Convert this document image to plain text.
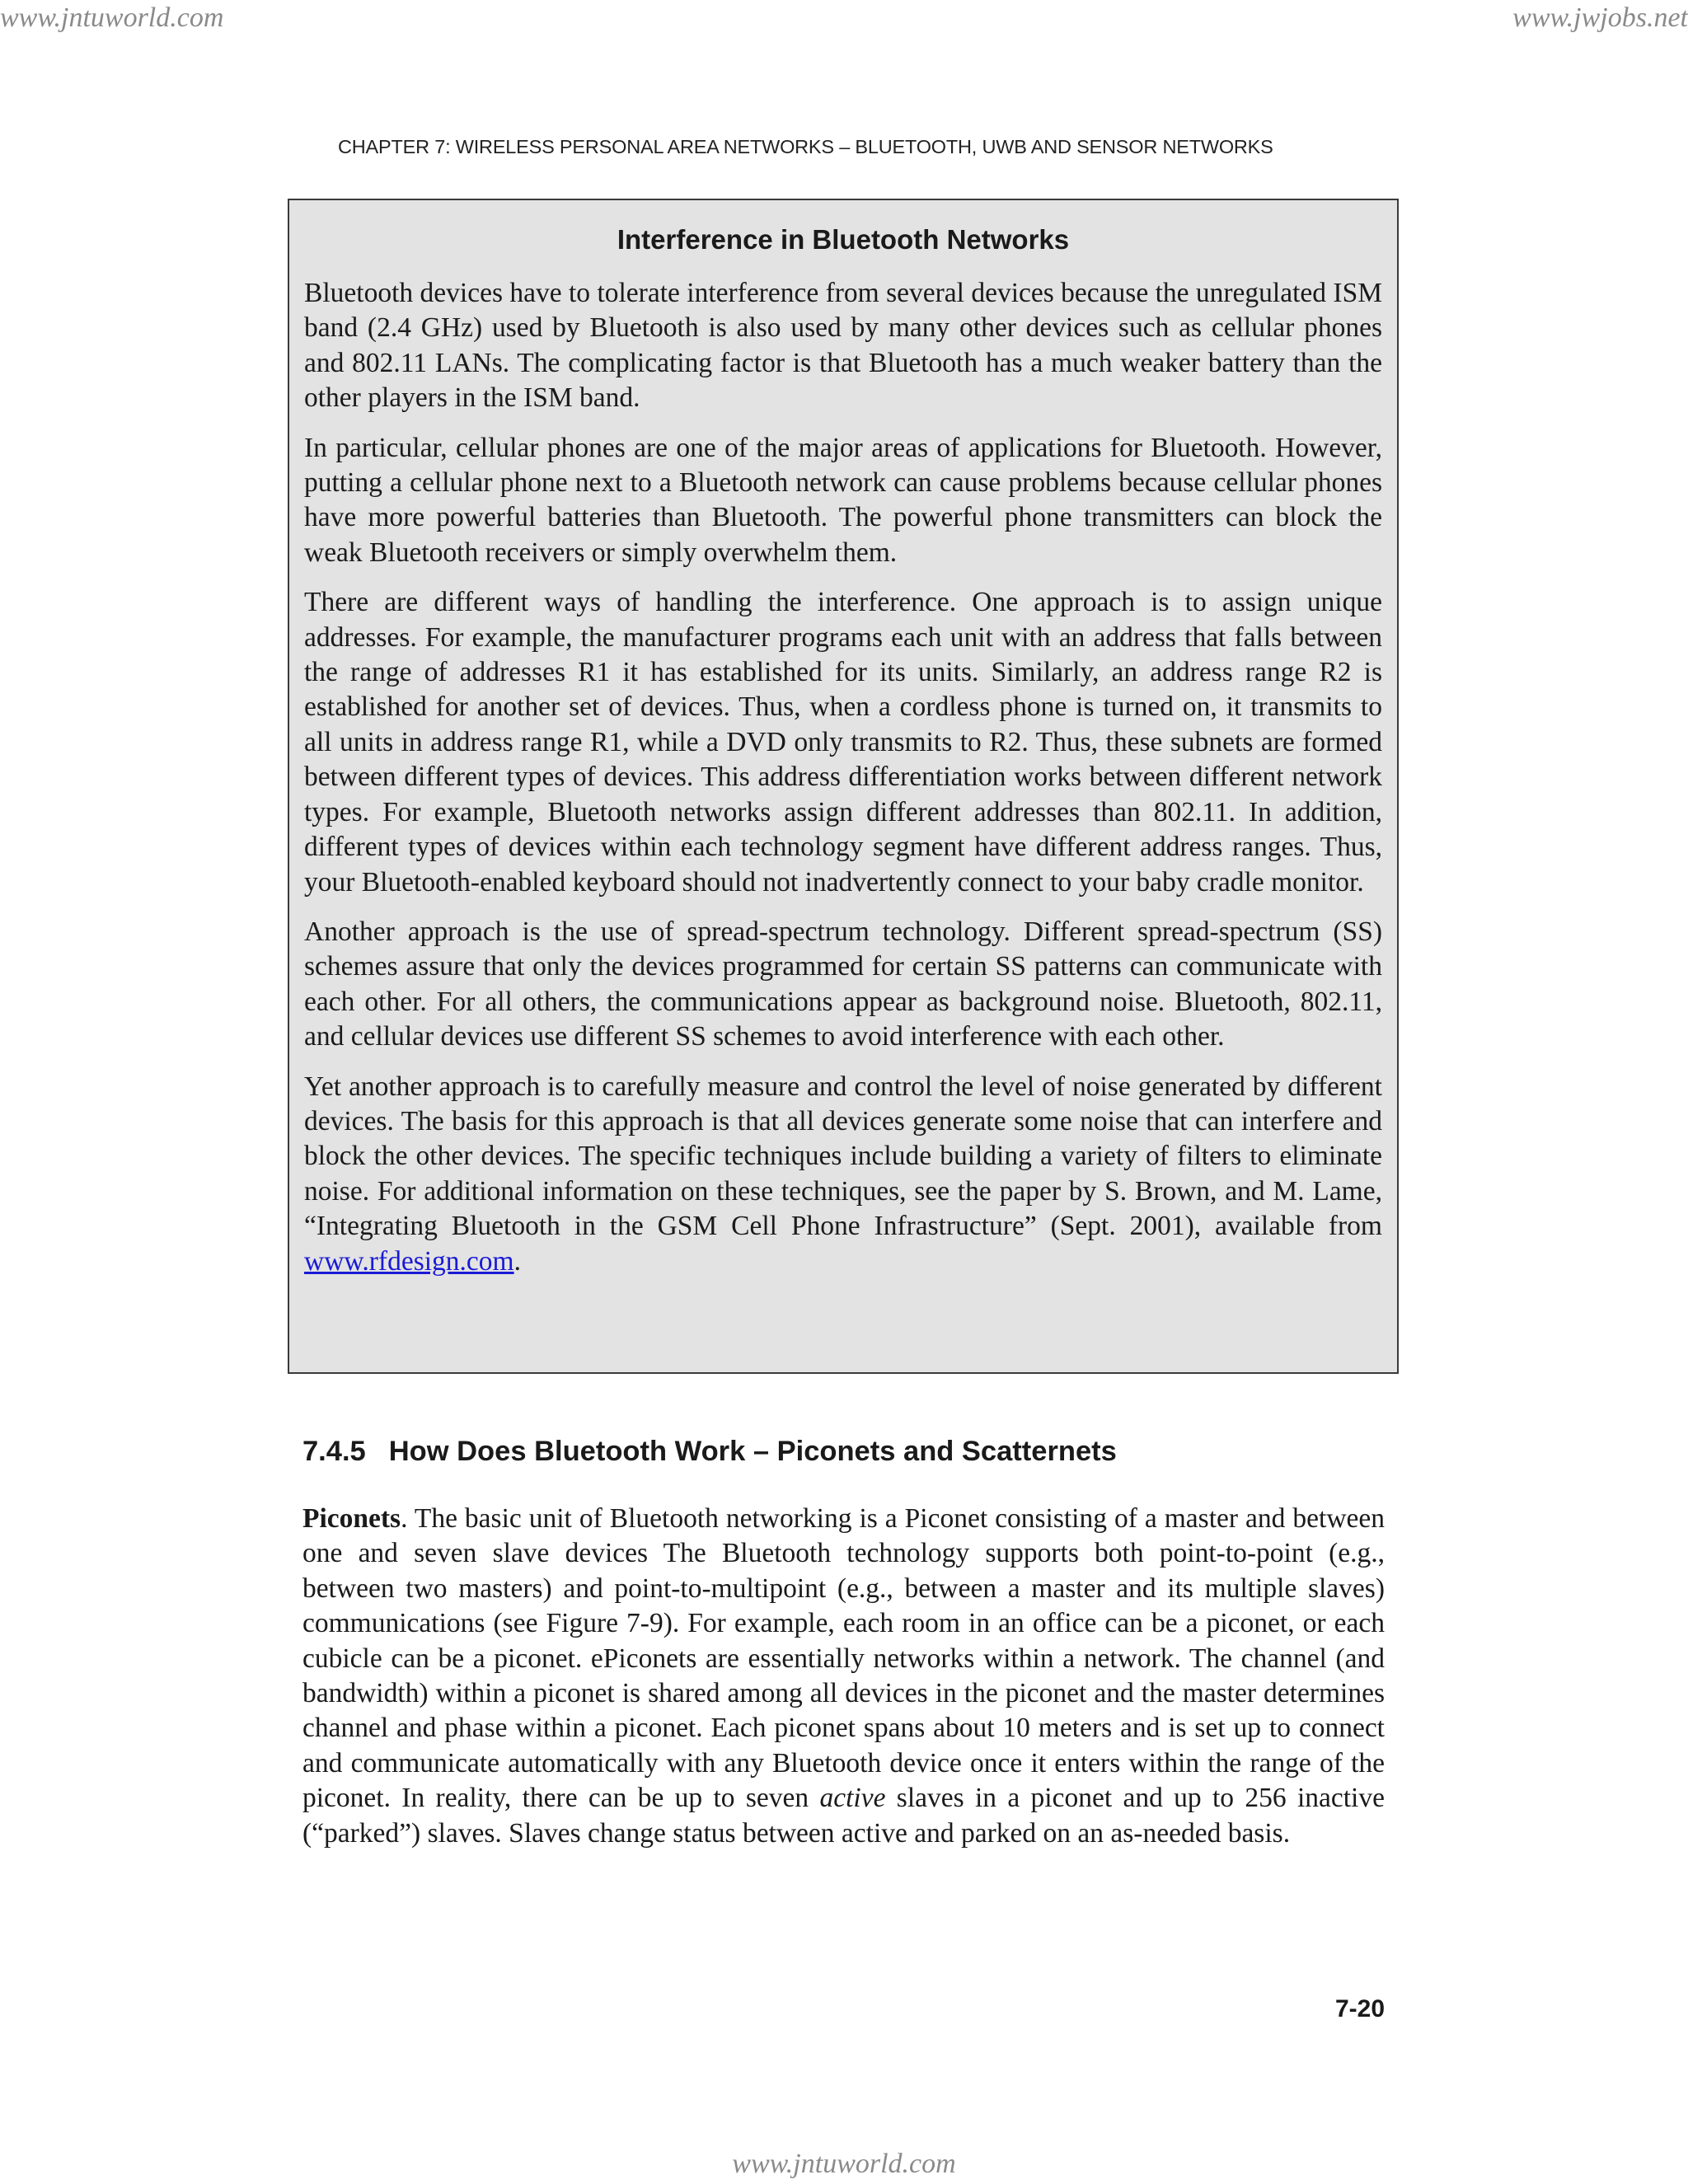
www.jntuworld.com	www.jwjobs.net
CHAPTER 7: WIRELESS PERSONAL AREA NETWORKS – BLUETOOTH, UWB AND SENSOR NETWORKS
Interference in Bluetooth Networks

Bluetooth devices have to tolerate interference from several devices because the unregulated ISM band (2.4 GHz) used by Bluetooth is also used by many other devices such as cellular phones and 802.11 LANs. The complicating factor is that Bluetooth has a much weaker battery than the other players in the ISM band.

In particular, cellular phones are one of the major areas of applications for Bluetooth. However, putting a cellular phone next to a Bluetooth network can cause problems because cellular phones have more powerful batteries than Bluetooth. The powerful phone transmitters can block the weak Bluetooth receivers or simply overwhelm them.

There are different ways of handling the interference. One approach is to assign unique addresses. For example, the manufacturer programs each unit with an address that falls between the range of addresses R1 it has established for its units. Similarly, an address range R2 is established for another set of devices. Thus, when a cordless phone is turned on, it transmits to all units in address range R1, while a DVD only transmits to R2. Thus, these subnets are formed between different types of devices. This address differentiation works between different network types. For example, Bluetooth networks assign different addresses than 802.11. In addition, different types of devices within each technology segment have different address ranges. Thus, your Bluetooth-enabled keyboard should not inadvertently connect to your baby cradle monitor.

Another approach is the use of spread-spectrum technology. Different spread-spectrum (SS) schemes assure that only the devices programmed for certain SS patterns can communicate with each other. For all others, the communications appear as background noise. Bluetooth, 802.11, and cellular devices use different SS schemes to avoid interference with each other.

Yet another approach is to carefully measure and control the level of noise generated by different devices. The basis for this approach is that all devices generate some noise that can interfere and block the other devices. The specific techniques include building a variety of filters to eliminate noise. For additional information on these techniques, see the paper by S. Brown, and M. Lame, “Integrating Bluetooth in the GSM Cell Phone Infrastructure” (Sept. 2001), available from www.rfdesign.com.

7.4.5 How Does Bluetooth Work – Piconets and Scatternets

Piconets. The basic unit of Bluetooth networking is a Piconet consisting of a master and between one and seven slave devices The Bluetooth technology supports both point-to-point (e.g., between two masters) and point-to-multipoint (e.g., between a master and its multiple slaves) communications (see Figure 7-9). For example, each room in an office can be a piconet, or each cubicle can be a piconet. ePiconets are essentially networks within a network. The channel (and bandwidth) within a piconet is shared among all devices in the piconet and the master determines channel and phase within a piconet. Each piconet spans about 10 meters and is set up to connect and communicate automatically with any Bluetooth device once it enters within the range of the piconet. In reality, there can be up to seven active slaves in a piconet and up to 256 inactive (“parked”) slaves. Slaves change status between active and parked on an as-needed basis.

7-20
www.jntuworld.com
